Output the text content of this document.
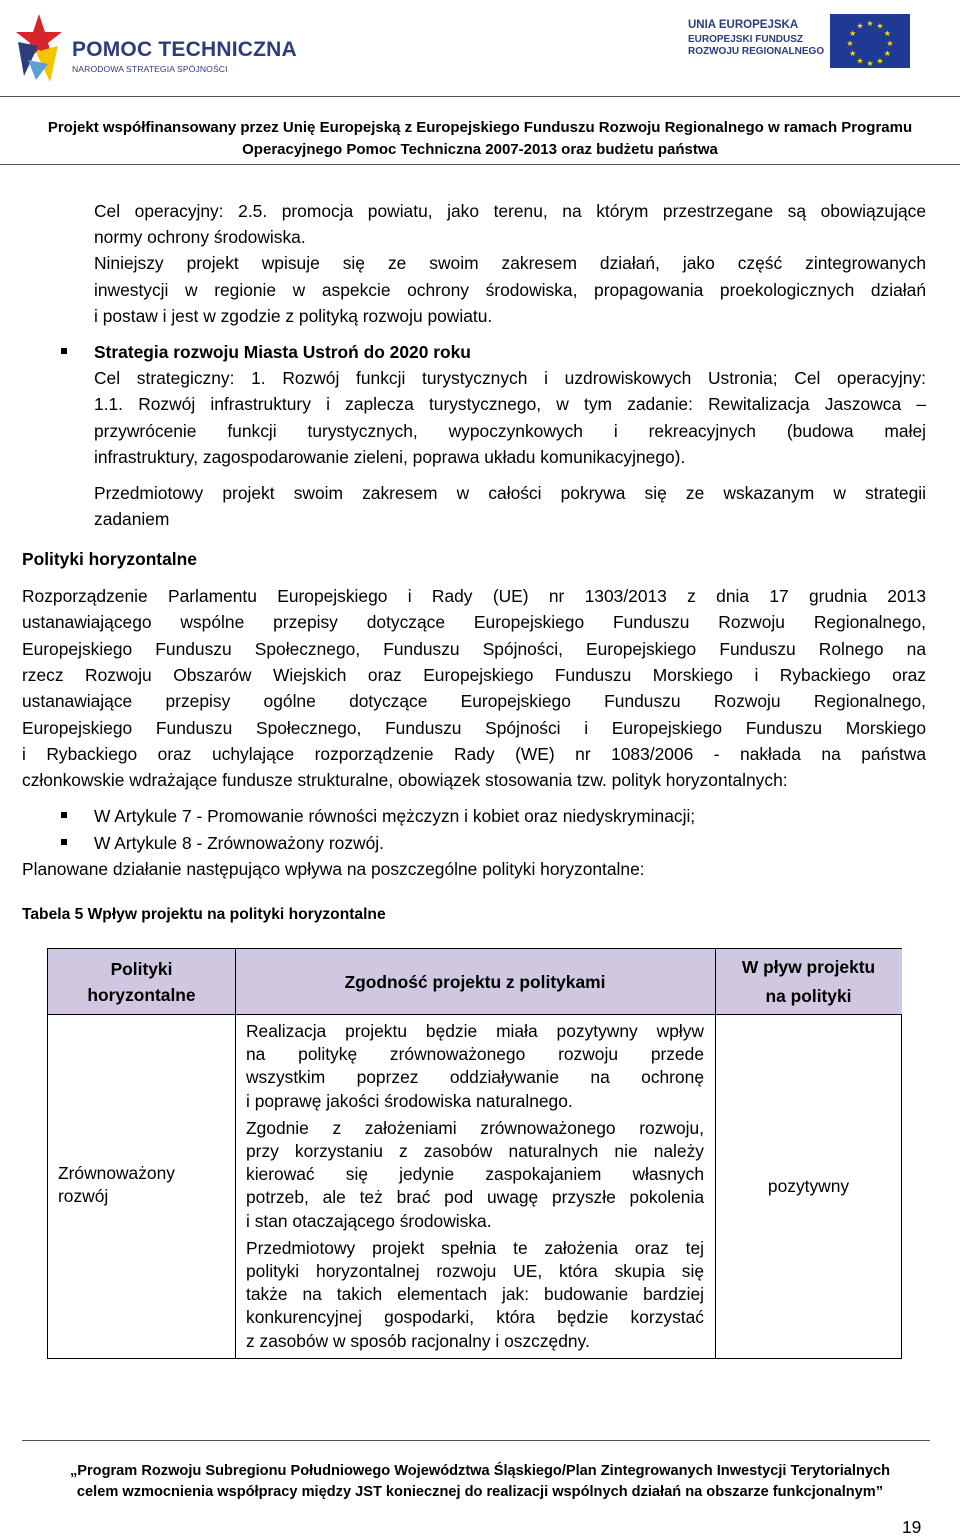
POMOC TECHNICZNA
NARODOWA STRATEGIA SPÓJNOŚCI
UNIA EUROPEJSKA
EUROPEJSKI FUNDUSZ
ROZWOJU REGIONALNEGO
★ ★
★
★
★
★
★
★
★
★
★
★
Projekt współfinansowany przez Unię Europejską z Europejskiego Funduszu Rozwoju Regionalnego w ramach Programu
Operacyjnego Pomoc Techniczna 2007-2013 oraz budżetu państwa
Cel operacyjny: 2.5. promocja powiatu, jako terenu, na którym przestrzegane są obowiązujące
normy ochrony środowiska.
Niniejszy projekt wpisuje się ze swoim zakresem działań, jako część zintegrowanych
inwestycji w regionie w aspekcie ochrony środowiska, propagowania proekologicznych działań
i postaw i jest w zgodzie z polityką rozwoju powiatu.
Strategia rozwoju Miasta Ustroń do 2020 roku
Cel strategiczny: 1. Rozwój funkcji turystycznych i uzdrowiskowych Ustronia; Cel operacyjny:
1.1. Rozwój infrastruktury i zaplecza turystycznego, w tym zadanie: Rewitalizacja Jaszowca –
przywrócenie funkcji turystycznych, wypoczynkowych i rekreacyjnych (budowa małej
infrastruktury, zagospodarowanie zieleni, poprawa układu komunikacyjnego).
Przedmiotowy projekt swoim zakresem w całości pokrywa się ze wskazanym w strategii
zadaniem
Polityki horyzontalne
Rozporządzenie Parlamentu Europejskiego i Rady (UE) nr 1303/2013 z dnia 17 grudnia 2013
ustanawiającego wspólne przepisy dotyczące Europejskiego Funduszu Rozwoju Regionalnego,
Europejskiego Funduszu Społecznego, Funduszu Spójności, Europejskiego Funduszu Rolnego na
rzecz Rozwoju Obszarów Wiejskich oraz Europejskiego Funduszu Morskiego i Rybackiego oraz
ustanawiające przepisy ogólne dotyczące Europejskiego Funduszu Rozwoju Regionalnego,
Europejskiego Funduszu Społecznego, Funduszu Spójności i Europejskiego Funduszu Morskiego
i Rybackiego oraz uchylające rozporządzenie Rady (WE) nr 1083/2006 - nakłada na państwa
członkowskie wdrażające fundusze strukturalne, obowiązek stosowania tzw. polityk horyzontalnych:
W Artykule 7 - Promowanie równości mężczyzn i kobiet oraz niedyskryminacji;
W Artykule 8 - Zrównoważony rozwój.
Planowane działanie następująco wpływa na poszczególne polityki horyzontalne:
Tabela 5 Wpływ projektu na polityki horyzontalne
Polityki
horyzontalne
Zgodność projektu z politykami
W pływ projektu
na polityki
Zrównoważony
rozwój
Realizacja projektu będzie miała pozytywny wpływ
na politykę zrównoważonego rozwoju przede
wszystkim poprzez oddziaływanie na ochronę
i poprawę jakości środowiska naturalnego.
Zgodnie z założeniami zrównoważonego rozwoju,
przy korzystaniu z zasobów naturalnych nie należy
kierować się jedynie zaspokajaniem własnych
potrzeb, ale też brać pod uwagę przyszłe pokolenia
i stan otaczającego środowiska.
Przedmiotowy projekt spełnia te założenia oraz tej
polityki horyzontalnej rozwoju UE, która skupia się
także na takich elementach jak: budowanie bardziej
konkurencyjnej gospodarki, która będzie korzystać
z zasobów w sposób racjonalny i oszczędny.
pozytywny
„Program Rozwoju Subregionu Południowego Województwa Śląskiego/Plan Zintegrowanych Inwestycji Terytorialnych
celem wzmocnienia współpracy między JST koniecznej do realizacji wspólnych działań na obszarze funkcjonalnym”
19
